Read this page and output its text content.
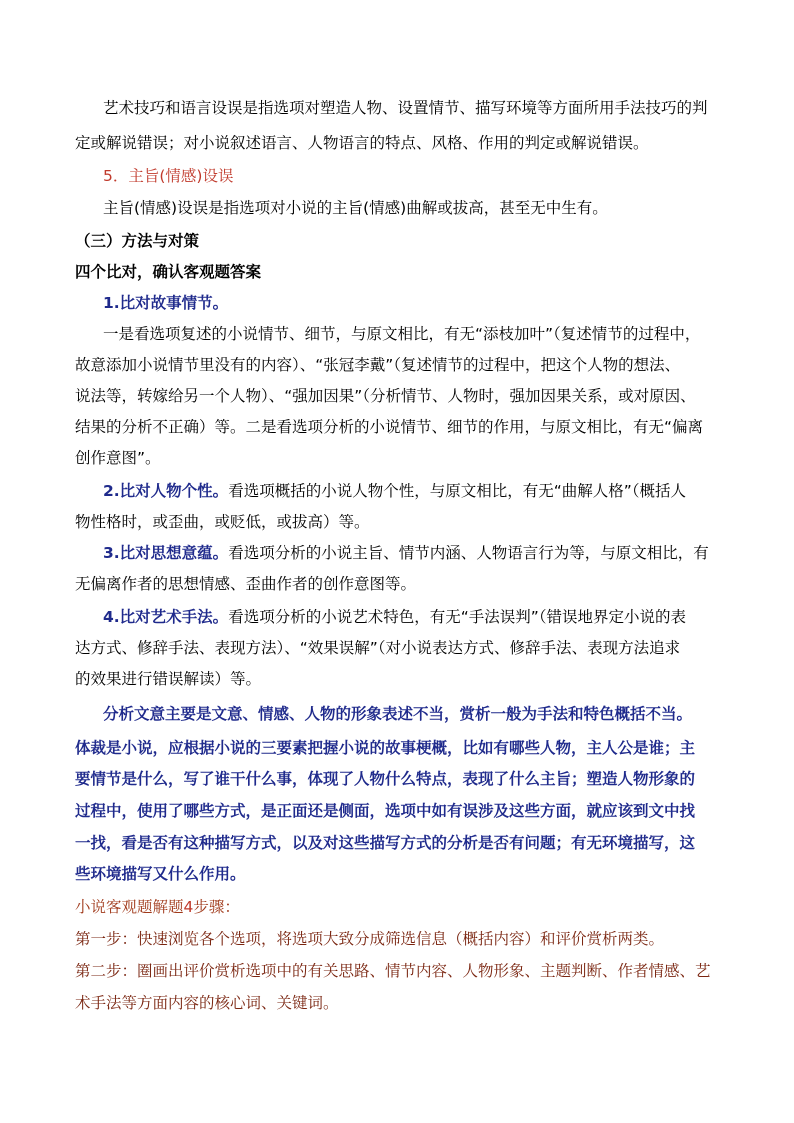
艺术技巧和语言设误是指选项对塑造人物、设置情节、描写环境等方面所用手法技巧的判
定或解说错误；对小说叙述语言、人物语言的特点、风格、作用的判定或解说错误。
5．主旨(情感)设误
主旨(情感)设误是指选项对小说的主旨(情感)曲解或拔高，甚至无中生有。
（三）方法与对策
四个比对，确认客观题答案
1.比对故事情节。
一是看选项复述的小说情节、细节，与原文相比，有无“添枝加叶”（复述情节的过程中，
故意添加小说情节里没有的内容）、“张冠李戴”（复述情节的过程中，把这个人物的想法、
说法等，转嫁给另一个人物）、“强加因果”（分析情节、人物时，强加因果关系，或对原因、
结果的分析不正确）等。二是看选项分析的小说情节、细节的作用，与原文相比，有无“偏离
创作意图”。
2.比对人物个性。看选项概括的小说人物个性，与原文相比，有无“曲解人格”（概括人
物性格时，或歪曲，或贬低，或拔高）等。
3.比对思想意蕴。看选项分析的小说主旨、情节内涵、人物语言行为等，与原文相比，有
无偏离作者的思想情感、歪曲作者的创作意图等。
4.比对艺术手法。看选项分析的小说艺术特色，有无“手法误判”（错误地界定小说的表
达方式、修辞手法、表现方法）、“效果误解”（对小说表达方式、修辞手法、表现方法追求
的效果进行错误解读）等。
分析文意主要是文意、情感、人物的形象表述不当，赏析一般为手法和特色概括不当。
体裁是小说，应根据小说的三要素把握小说的故事梗概，比如有哪些人物，主人公是谁；主
要情节是什么，写了谁干什么事，体现了人物什么特点，表现了什么主旨；塑造人物形象的
过程中，使用了哪些方式，是正面还是侧面，选项中如有误涉及这些方面，就应该到文中找
一找，看是否有这种描写方式，以及对这些描写方式的分析是否有问题；有无环境描写，这
些环境描写又什么作用。
小说客观题解题4步骤：
第一步：快速浏览各个选项，将选项大致分成筛选信息（概括内容）和评价赏析两类。
第二步：圈画出评价赏析选项中的有关思路、情节内容、人物形象、主题判断、作者情感、艺
术手法等方面内容的核心词、关键词。
